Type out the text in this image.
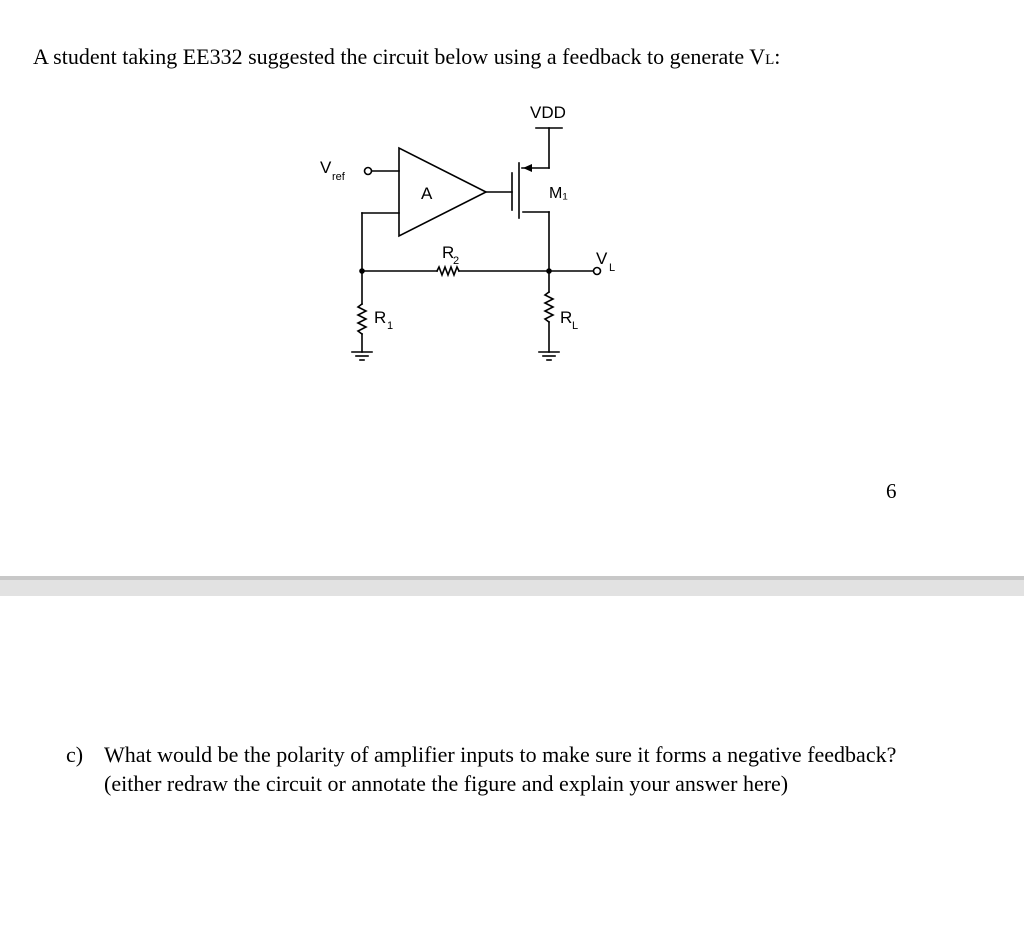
A student taking EE332 suggested the circuit below using a feedback to generate VL:
VDD
V ref
A	M₁
R
2	V L
R 1	R L
6
c) What would be the polarity of amplifier inputs to make sure it forms a negative feedback? (either redraw the circuit or annotate the figure and explain your answer here)
